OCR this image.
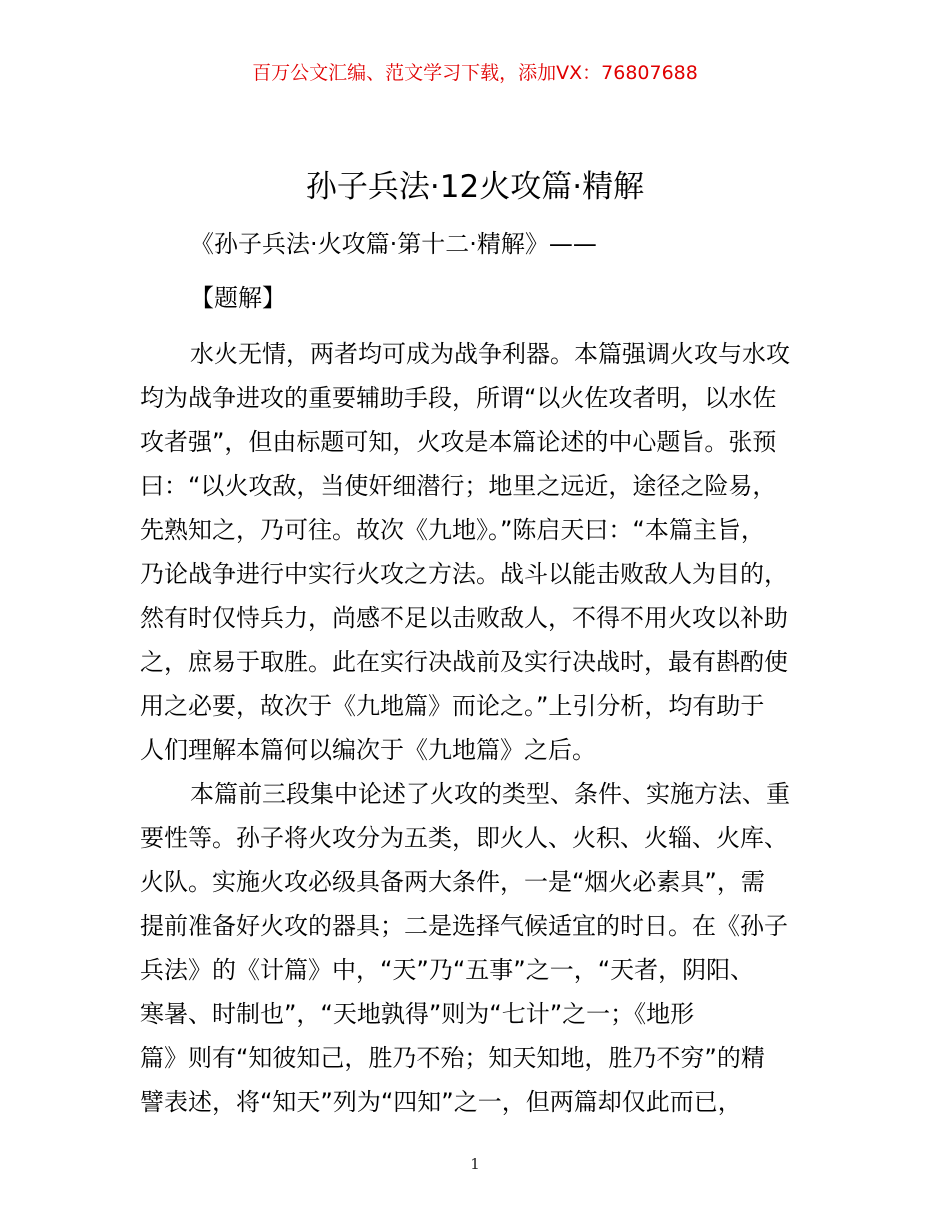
百万公文汇编、范文学习下载，添加VX：76807688
孙子兵法·12火攻篇·精解
《孙子兵法·火攻篇·第十二·精解》——
【题解】
水火无情，两者均可成为战争利器。本篇强调火攻与水攻
均为战争进攻的重要辅助手段，所谓“以火佐攻者明，以水佐
攻者强”，但由标题可知，火攻是本篇论述的中心题旨。张预
曰：“以火攻敌，当使奸细潜行；地里之远近，途径之险易，
先熟知之，乃可往。故次《九地》。”陈启天曰：“本篇主旨，
乃论战争进行中实行火攻之方法。战斗以能击败敌人为目的，
然有时仅恃兵力，尚感不足以击败敌人，不得不用火攻以补助
之，庶易于取胜。此在实行决战前及实行决战时，最有斟酌使
用之必要，故次于《九地篇》而论之。”上引分析，均有助于
人们理解本篇何以编次于《九地篇》之后。
本篇前三段集中论述了火攻的类型、条件、实施方法、重
要性等。孙子将火攻分为五类，即火人、火积、火辎、火库、
火队。实施火攻必级具备两大条件，一是“烟火必素具”，需
提前准备好火攻的器具；二是选择气候适宜的时日。在《孙子
兵法》的《计篇》中，“天”乃“五事”之一，“天者，阴阳、
寒暑、时制也”，“天地孰得”则为“七计”之一；《地形
篇》则有“知彼知己，胜乃不殆；知天知地，胜乃不穷”的精
譬表述，将“知天”列为“四知”之一，但两篇却仅此而已，
1
